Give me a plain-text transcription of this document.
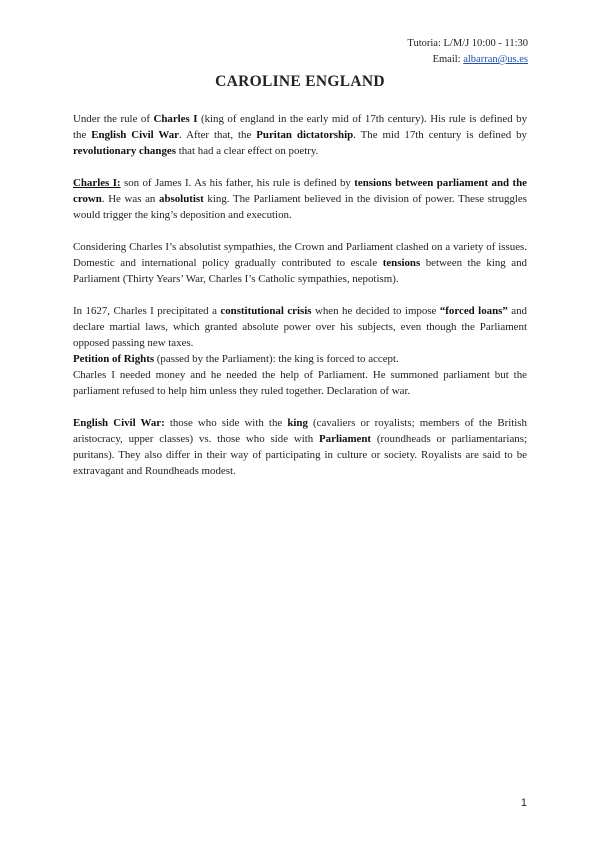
Tutoria: L/M/J 10:00 - 11:30
Email: albarran@us.es
CAROLINE ENGLAND

Under the rule of Charles I (king of england in the early mid of 17th century). His rule is defined by the English Civil War. After that, the Puritan dictatorship. The mid 17th century is defined by revolutionary changes that had a clear effect on poetry.

Charles I: son of James I. As his father, his rule is defined by tensions between parliament and the crown. He was an absolutist king. The Parliament believed in the division of power. These struggles would trigger the king’s deposition and execution.

Considering Charles I’s absolutist sympathies, the Crown and Parliament clashed on a variety of issues. Domestic and international policy gradually contributed to escale tensions between the king and Parliament (Thirty Years’ War, Charles I’s Catholic sympathies, nepotism).

In 1627, Charles I precipitated a constitutional crisis when he decided to impose “forced loans” and declare martial laws, which granted absolute power over his subjects, even though the Parliament opposed passing new taxes.

Petition of Rights (passed by the Parliament): the king is forced to accept.

Charles I needed money and he needed the help of Parliament. He summoned parliament but the parliament refused to help him unless they ruled together. Declaration of war.

English Civil War: those who side with the king (cavaliers or royalists; members of the British aristocracy, upper classes) vs. those who side with Parliament (roundheads or parliamentarians; puritans). They also differ in their way of participating in culture or society. Royalists are said to be extravagant and Roundheads modest.

1
